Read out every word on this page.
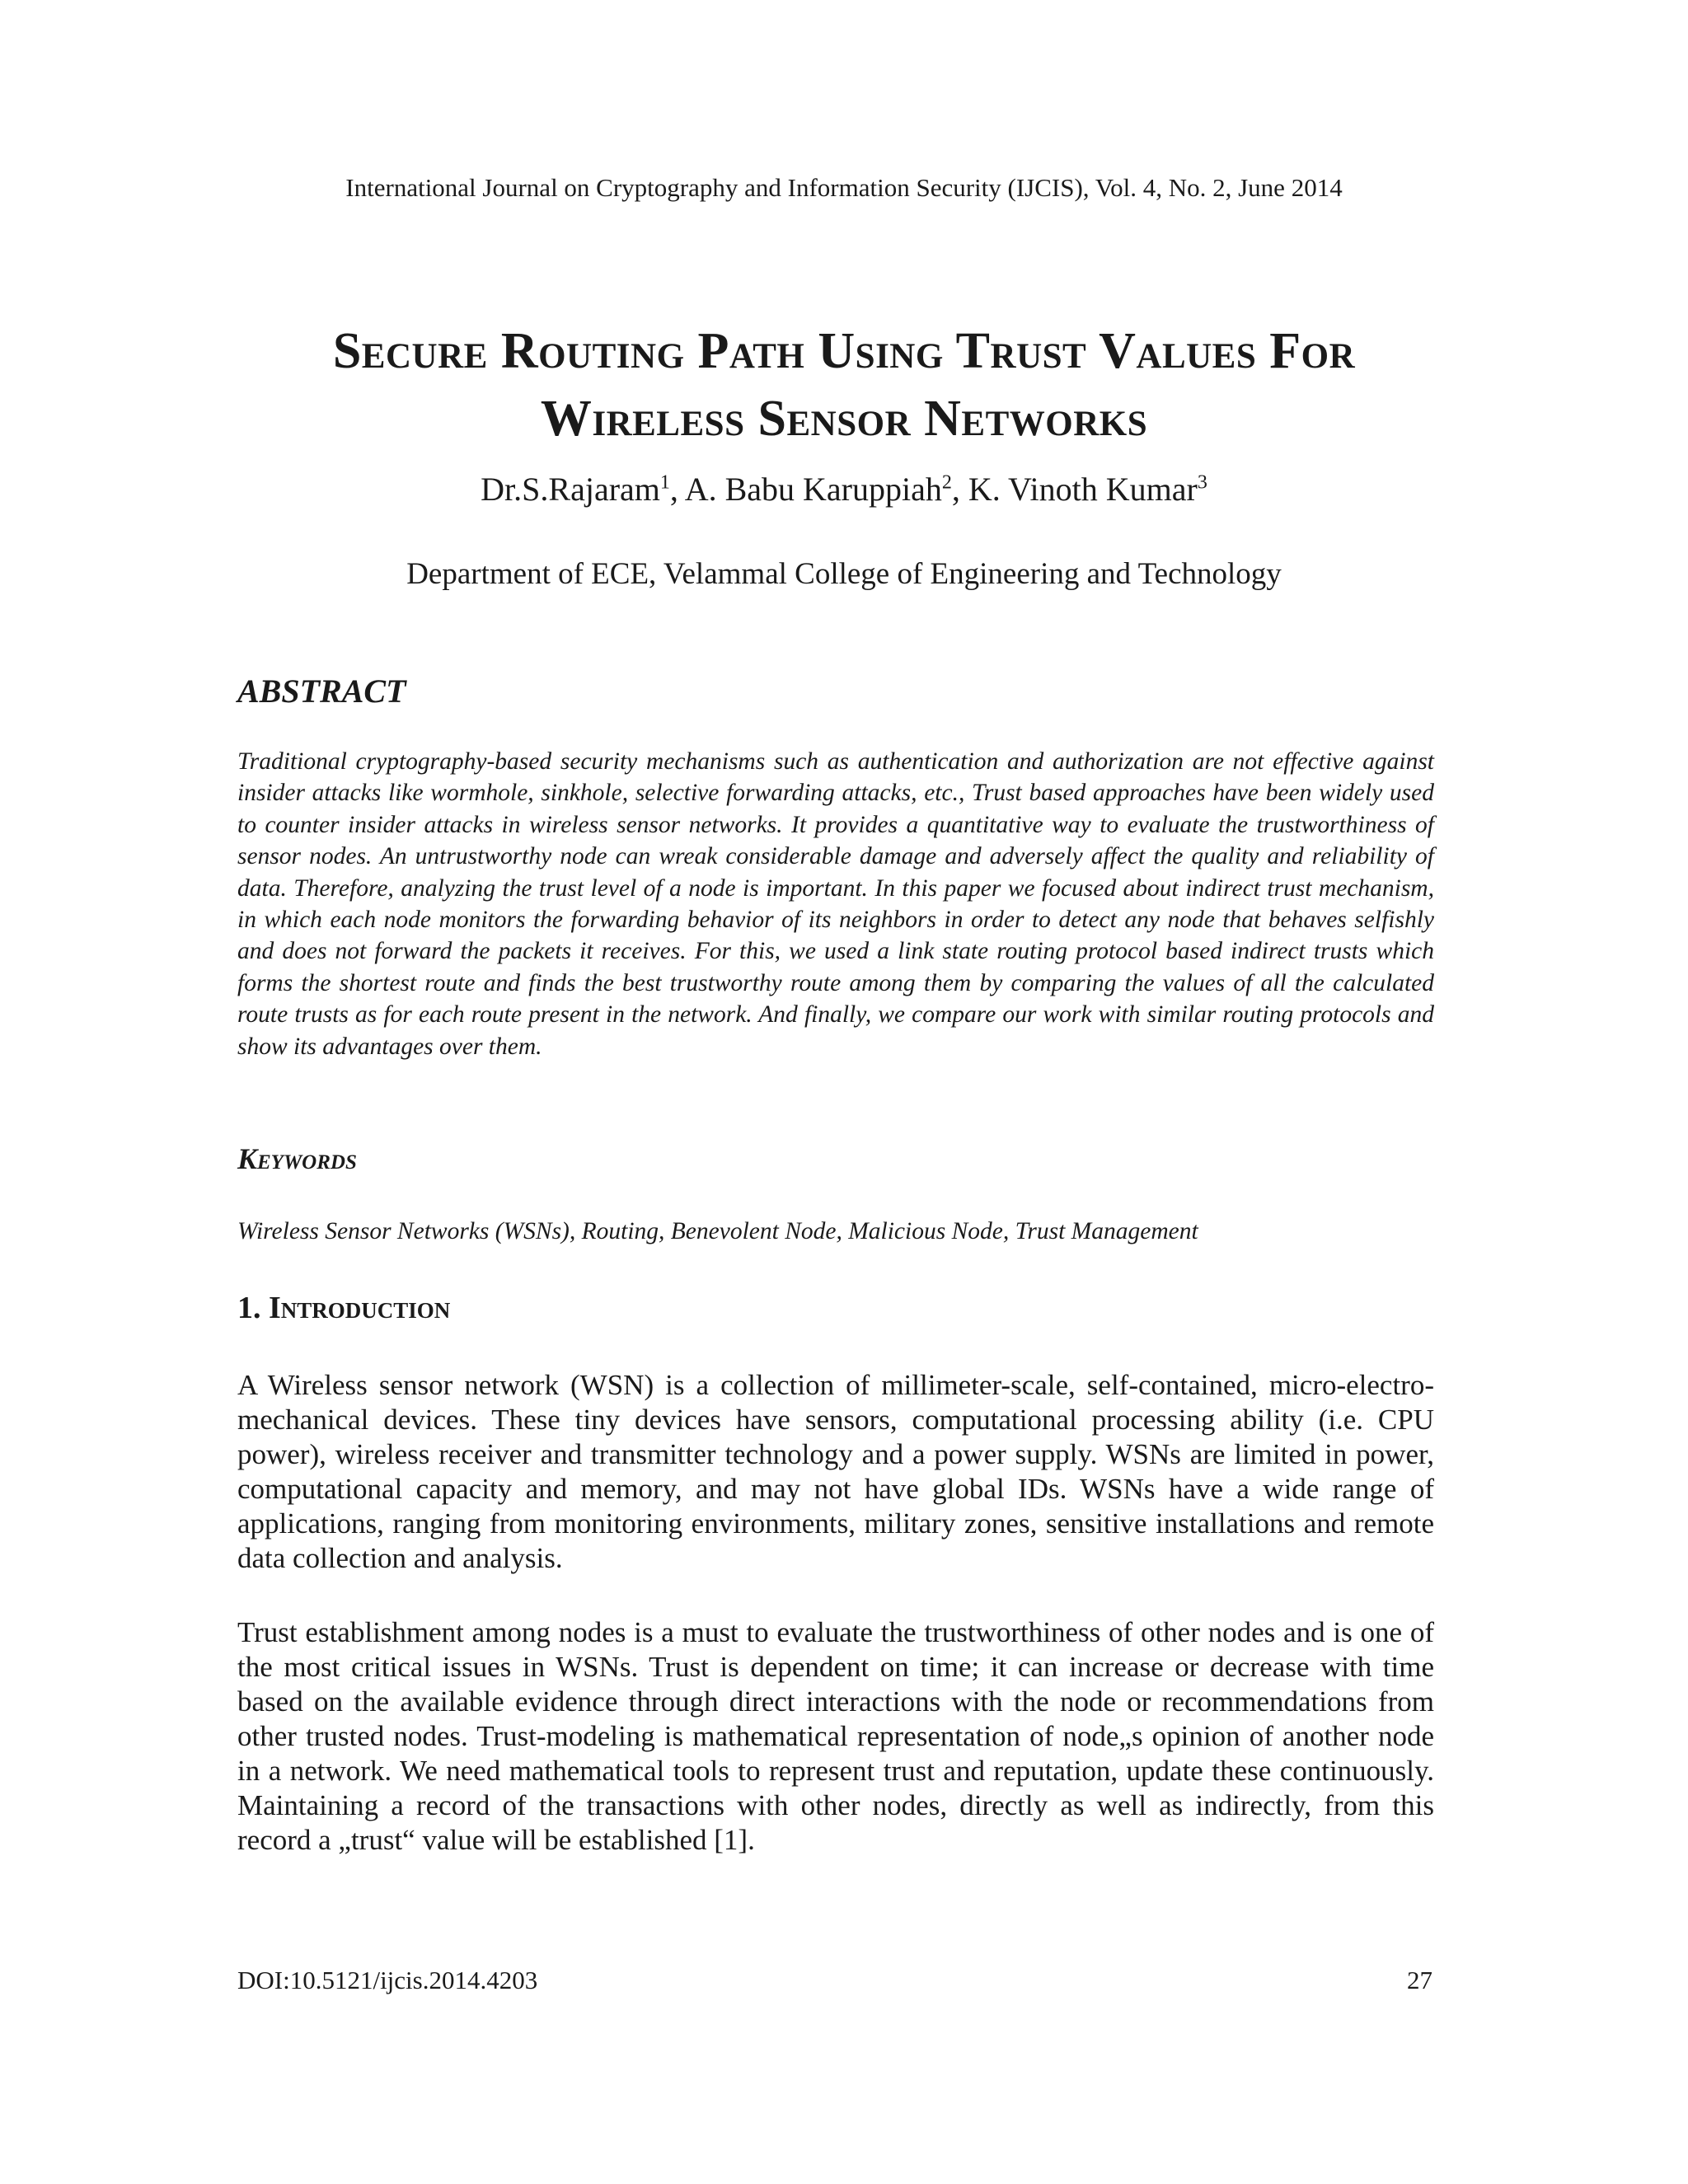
International Journal on Cryptography and Information Security (IJCIS), Vol. 4, No. 2, June 2014
Secure Routing Path Using Trust Values For
Wireless Sensor Networks
Dr.S.Rajaram$^1$, A. Babu Karuppiah$^2$, K. Vinoth Kumar$^3$
Department of ECE, Velammal College of Engineering and Technology
ABSTRACT
Traditional cryptography-based security mechanisms such as authentication and authorization are not effective against insider attacks like wormhole, sinkhole, selective forwarding attacks, etc., Trust based approaches have been widely used to counter insider attacks in wireless sensor networks. It provides a quantitative way to evaluate the trustworthiness of sensor nodes. An untrustworthy node can wreak considerable damage and adversely affect the quality and reliability of data. Therefore, analyzing the trust level of a node is important. In this paper we focused about indirect trust mechanism, in which each node monitors the forwarding behavior of its neighbors in order to detect any node that behaves selfishly and does not forward the packets it receives. For this, we used a link state routing protocol based indirect trusts which forms the shortest route and finds the best trustworthy route among them by comparing the values of all the calculated route trusts as for each route present in the network. And finally, we compare our work with similar routing protocols and show its advantages over them.
Keywords
Wireless Sensor Networks (WSNs), Routing, Benevolent Node, Malicious Node, Trust Management
1. Introduction
A Wireless sensor network (WSN) is a collection of millimeter-scale, self-contained, micro-electro-mechanical devices. These tiny devices have sensors, computational processing ability (i.e. CPU power), wireless receiver and transmitter technology and a power supply. WSNs are limited in power, computational capacity and memory, and may not have global IDs. WSNs have a wide range of applications, ranging from monitoring environments, military zones, sensitive installations and remote data collection and analysis.
Trust establishment among nodes is a must to evaluate the trustworthiness of other nodes and is one of the most critical issues in WSNs. Trust is dependent on time; it can increase or decrease with time based on the available evidence through direct interactions with the node or recommendations from other trusted nodes. Trust-modeling is mathematical representation of node„s opinion of another node in a network. We need mathematical tools to represent trust and reputation, update these continuously. Maintaining a record of the transactions with other nodes, directly as well as indirectly, from this record a „trust“ value will be established [1].
DOI:10.5121/ijcis.2014.4203	27
